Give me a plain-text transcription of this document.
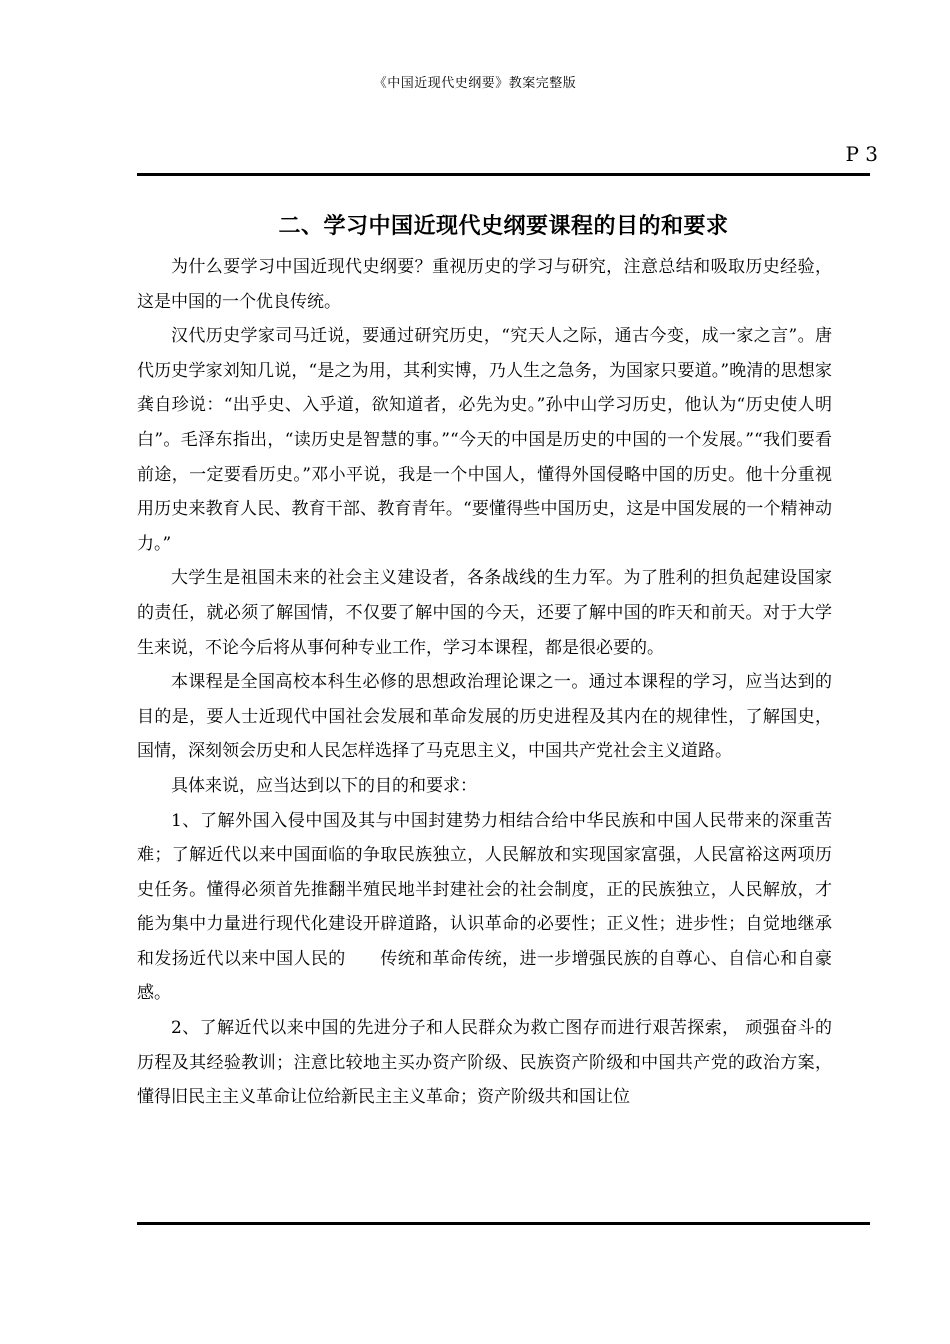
《中国近现代史纲要》教案完整版
P 3
二、学习中国近现代史纲要课程的目的和要求

为什么要学习中国近现代史纲要？重视历史的学习与研究，注意总结和吸取历史经验，这是中国的一个优良传统。

汉代历史学家司马迁说，要通过研究历史，“究天人之际，通古今变，成一家之言”。唐代历史学家刘知几说，“是之为用，其利实博，乃人生之急务，为国家只要道。”晚清的思想家龚自珍说：“出乎史、入乎道，欲知道者，必先为史。”孙中山学习历史，他认为“历史使人明白”。毛泽东指出，“读历史是智慧的事。”“今天的中国是历史的中国的一个发展。”“我们要看前途，一定要看历史。”邓小平说，我是一个中国人，懂得外国侵略中国的历史。他十分重视用历史来教育人民、教育干部、教育青年。“要懂得些中国历史，这是中国发展的一个精神动力。”

大学生是祖国未来的社会主义建设者，各条战线的生力军。为了胜利的担负起建设国家的责任，就必须了解国情，不仅要了解中国的今天，还要了解中国的昨天和前天。对于大学生来说，不论今后将从事何种专业工作，学习本课程，都是很必要的。

本课程是全国高校本科生必修的思想政治理论课之一。通过本课程的学习，应当达到的目的是，要人士近现代中国社会发展和革命发展的历史进程及其内在的规律性，了解国史，国情，深刻领会历史和人民怎样选择了马克思主义，中国共产党社会主义道路。

具体来说，应当达到以下的目的和要求：

1、了解外国入侵中国及其与中国封建势力相结合给中华民族和中国人民带来的深重苦难；了解近代以来中国面临的争取民族独立，人民解放和实现国家富强，人民富裕这两项历史任务。懂得必须首先推翻半殖民地半封建社会的社会制度，正的民族独立，人民解放，才能为集中力量进行现代化建设开辟道路，认识革命的必要性；正义性；进步性；自觉地继承和发扬近代以来中国人民的　　传统和革命传统，进一步增强民族的自尊心、自信心和自豪感。

2、了解近代以来中国的先进分子和人民群众为救亡图存而进行艰苦探索， 顽强奋斗的历程及其经验教训；注意比较地主买办资产阶级、民族资产阶级和中国共产党的政治方案，懂得旧民主主义革命让位给新民主主义革命；资产阶级共和国让位
